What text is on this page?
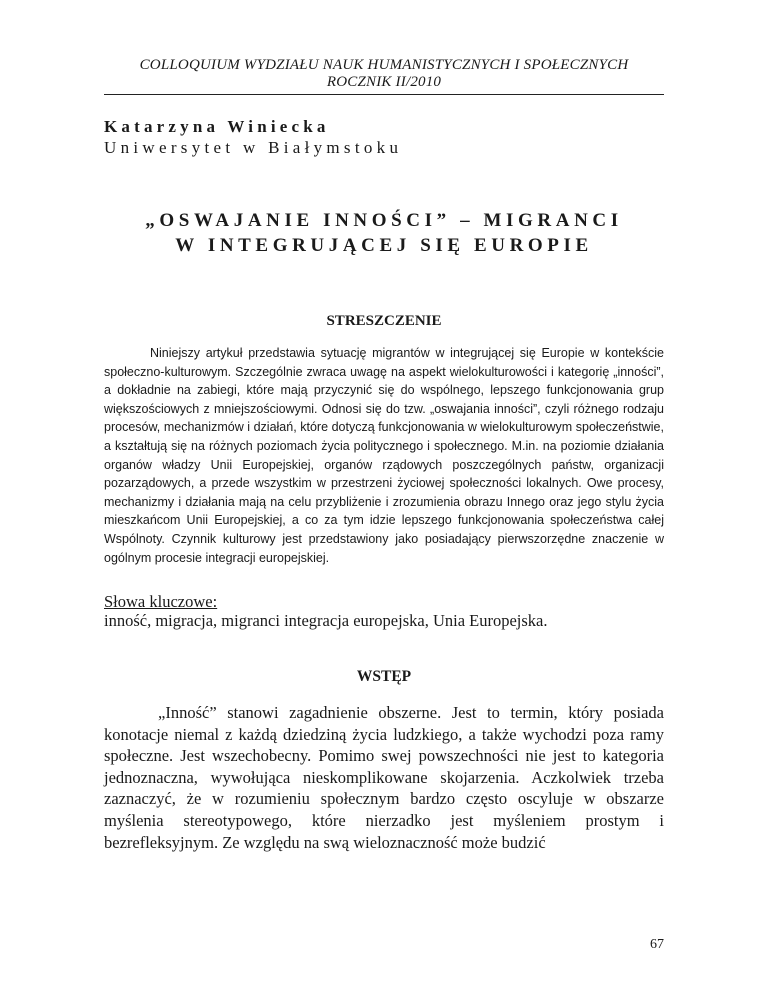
COLLOQUIUM WYDZIAŁU NAUK HUMANISTYCZNYCH I SPOŁECZNYCH
ROCZNIK II/2010
Katarzyna Winiecka
Uniwersytet w Białymstoku
„OSWAJANIE INNOŚCI” – MIGRANCI
W INTEGRUJĄCEJ SIĘ EUROPIE
STRESZCZENIE

Niniejszy artykuł przedstawia sytuację migrantów w integrującej się Europie w kontekście społeczno-kulturowym. Szczególnie zwraca uwagę na aspekt wielokulturowości i kategorię „inności”, a dokładnie na zabiegi, które mają przyczynić się do wspólnego, lepszego funkcjonowania grup większościowych z mniejszościowymi. Odnosi się do tzw. „oswajania inności”, czyli różnego rodzaju procesów, mechanizmów i działań, które dotyczą funkcjonowania w wielokulturowym społeczeństwie, a kształtują się na różnych poziomach życia politycznego i społecznego. M.in. na poziomie działania organów władzy Unii Europejskiej, organów rządowych poszczególnych państw, organizacji pozarządowych, a przede wszystkim w przestrzeni życiowej społeczności lokalnych. Owe procesy, mechanizmy i działania mają na celu przybliżenie i zrozumienia obrazu Innego oraz jego stylu życia mieszkańcom Unii Europejskiej, a co za tym idzie lepszego funkcjonowania społeczeństwa całej Wspólnoty. Czynnik kulturowy jest przedstawiony jako posiadający pierwszorzędne znaczenie w ogólnym procesie integracji europejskiej.

Słowa kluczowe:
inność, migracja, migranci integracja europejska, Unia Europejska.
WSTĘP

„Inność” stanowi zagadnienie obszerne. Jest to termin, który posiada konotacje niemal z każdą dziedziną życia ludzkiego, a także wychodzi poza ramy społeczne. Jest wszechobecny. Pomimo swej powszechności nie jest to kategoria jednoznaczna, wywołująca nieskomplikowane skojarzenia. Aczkolwiek trzeba zaznaczyć, że w rozumieniu społecznym bardzo często oscyluje w obszarze myślenia stereotypowego, które nierzadko jest myśleniem prostym i bezrefleksyjnym. Ze względu na swą wieloznaczność może budzić

67
